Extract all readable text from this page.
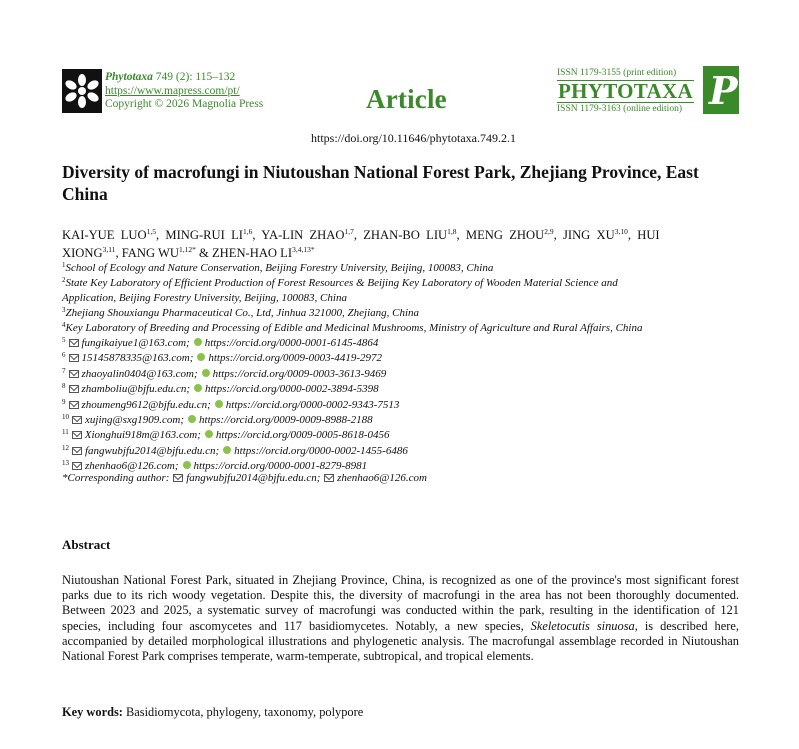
Phytotaxa 749 (2): 115–132
https://www.mapress.com/pt/
Copyright © 2026 Magnolia Press	Article
ISSN 1179-3155 (print edition)
PHYTOTAXA
ISSN 1179-3163 (online edition) P
https://doi.org/10.11646/phytotaxa.749.2.1
Diversity of macrofungi in Niutoushan National Forest Park, Zhejiang Province, East China
KAI-YUE LUO$^{1,5}$, MING-RUI LI$^{1,6}$, YA-LIN ZHAO$^{1,7}$, ZHAN-BO LIU$^{1,8}$, MENG ZHOU$^{2,9}$, JING XU$^{3,10}$, HUI
XIONG$^{3,11}$, FANG $WU^{1,12*}$ & ZHEN-HAO $LI^{3,4,13*}$
$^1$School of Ecology and Nature Conservation, Beijing Forestry University, Beijing, 100083, China
$^2$State Key Laboratory of Efficient Production of Forest Resources & Beijing Key Laboratory of Wooden Material Science and
Application, Beijing Forestry University, Beijing, 100083, China
$^3$Zhejiang Shouxiangu Pharmaceutical Co., Ltd, Jinhua 321000, Zhejiang, China
$^4$Key Laboratory of Breeding and Processing of Edible and Medicinal Mushrooms, Ministry of Agriculture and Rural Affairs, China
$^5$ fungikaiyue1@163.com; https://orcid.org/0000-0001-6145-4864
$^6$ 15145878335@163.com; https://orcid.org/0009-0003-4419-2972
$^7$ zhaoyalin0404@163.com; https://orcid.org/0009-0003-3613-9469
$^8$ zhamboliu@bjfu.edu.cn; https://orcid.org/0000-0002-3894-5398
$^9$ zhoumeng9612@bjfu.edu.cn; https://orcid.org/0000-0002-9343-7513
$^{10}$ xujing@sxg1909.com; https://orcid.org/0009-0009-8988-2188
$^{11}$ Xionghui918m@163.com; https://orcid.org/0009-0005-8618-0456
$^{12}$ fangwubjfu2014@bjfu.edu.cn; https://orcid.org/0000-0002-1455-6486
$^{13}$ zhenhao6@126.com; https://orcid.org/0000-0001-8279-8981
*Corresponding author: fangwubjfu2014@bjfu.edu.cn; zhenhao6@126.com
Abstract
Niutoushan National Forest Park, situated in Zhejiang Province, China, is recognized as one of the province's most significant forest parks due to its rich woody vegetation. Despite this, the diversity of macrofungi in the area has not been thoroughly documented. Between 2023 and 2025, a systematic survey of macrofungi was conducted within the park, resulting in the identification of 121 species, including four ascomycetes and 117 basidiomycetes. Notably, a new species, Skeletocutis sinuosa, is described here, accompanied by detailed morphological illustrations and phylogenetic analysis. The macrofungal assemblage recorded in Niutoushan National Forest Park comprises temperate, warm-temperate, subtropical, and tropical elements.
Key words: Basidiomycota, phylogeny, taxonomy, polypore
